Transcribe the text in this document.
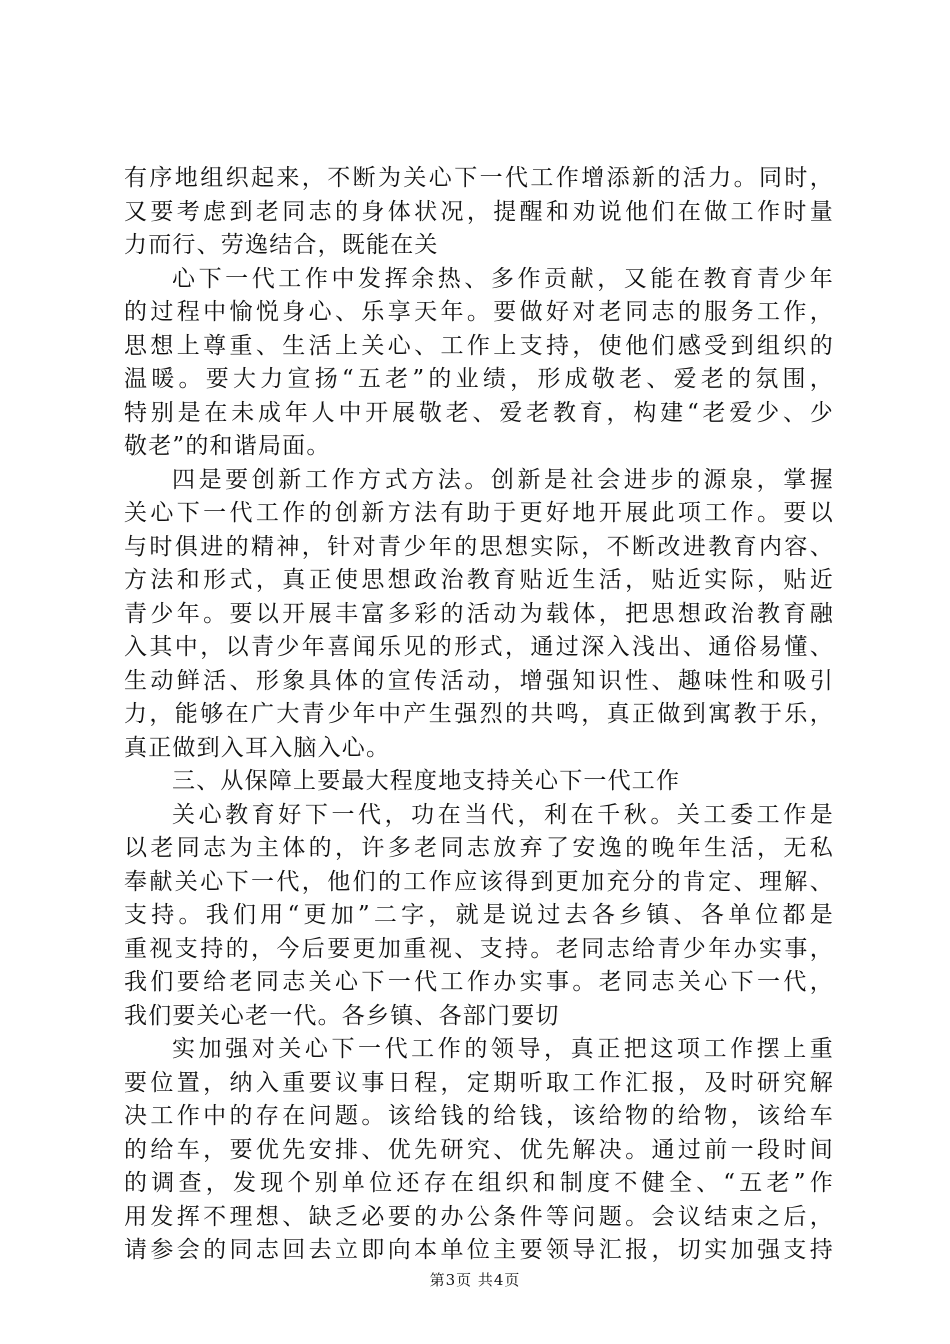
有序地组织起来，不断为关心下一代工作增添新的活力。同时，
又要考虑到老同志的身体状况，提醒和劝说他们在做工作时量
力而行、劳逸结合，既能在关
心下一代工作中发挥余热、多作贡献，又能在教育青少年
的过程中愉悦身心、乐享天年。要做好对老同志的服务工作，
思想上尊重、生活上关心、工作上支持，使他们感受到组织的
温暖。要大力宣扬“五老”的业绩，形成敬老、爱老的氛围，
特别是在未成年人中开展敬老、爱老教育，构建“老爱少、少
敬老”的和谐局面。
四是要创新工作方式方法。创新是社会进步的源泉，掌握
关心下一代工作的创新方法有助于更好地开展此项工作。要以
与时俱进的精神，针对青少年的思想实际，不断改进教育内容、
方法和形式，真正使思想政治教育贴近生活，贴近实际，贴近
青少年。要以开展丰富多彩的活动为载体，把思想政治教育融
入其中，以青少年喜闻乐见的形式，通过深入浅出、通俗易懂、
生动鲜活、形象具体的宣传活动，增强知识性、趣味性和吸引
力，能够在广大青少年中产生强烈的共鸣，真正做到寓教于乐，
真正做到入耳入脑入心。
三、从保障上要最大程度地支持关心下一代工作
关心教育好下一代，功在当代，利在千秋。关工委工作是
以老同志为主体的，许多老同志放弃了安逸的晚年生活，无私
奉献关心下一代，他们的工作应该得到更加充分的肯定、理解、
支持。我们用“更加”二字，就是说过去各乡镇、各单位都是
重视支持的，今后要更加重视、支持。老同志给青少年办实事，
我们要给老同志关心下一代工作办实事。老同志关心下一代，
我们要关心老一代。各乡镇、各部门要切
实加强对关心下一代工作的领导，真正把这项工作摆上重
要位置，纳入重要议事日程，定期听取工作汇报，及时研究解
决工作中的存在问题。该给钱的给钱，该给物的给物，该给车
的给车，要优先安排、优先研究、优先解决。通过前一段时间
的调查，发现个别单位还存在组织和制度不健全、“五老”作
用发挥不理想、缺乏必要的办公条件等问题。会议结束之后，
请参会的同志回去立即向本单位主要领导汇报，切实加强支持
第3页 共4页
